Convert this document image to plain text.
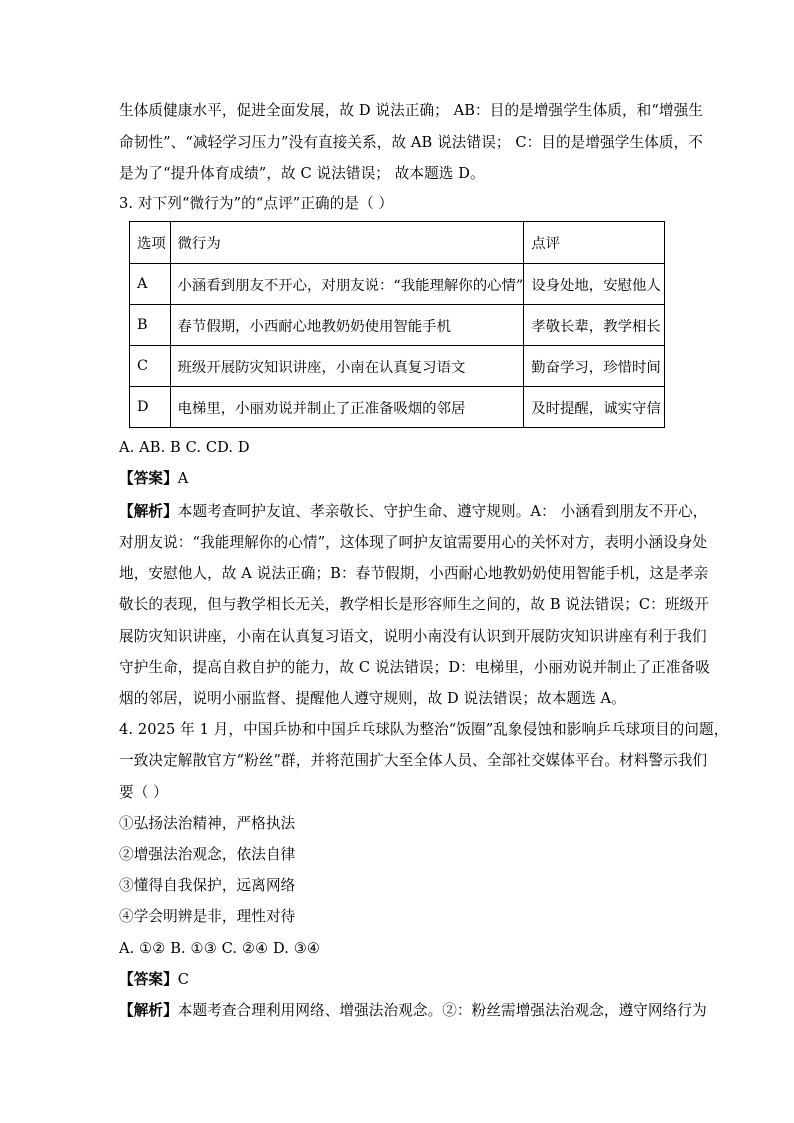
生体质健康水平，促进全面发展，故 D 说法正确； AB：目的是增强学生体质，和“增强生
命韧性”、“减轻学习压力”没有直接关系，故 AB 说法错误； C：目的是增强学生体质，不
是为了“提升体育成绩”，故 C 说法错误； 故本题选 D。
3. 对下列“微行为”的“点评”正确的是（ ）
选项	微行为	点评
A	小涵看到朋友不开心，对朋友说：“我能理解你的心情”	设身处地，安慰他人
B	春节假期，小西耐心地教奶奶使用智能手机	孝敬长辈，教学相长
C	班级开展防灾知识讲座，小南在认真复习语文	勤奋学习，珍惜时间
D	电梯里，小丽劝说并制止了正准备吸烟的邻居	及时提醒，诚实守信
A. AB. B C. CD. D
【答案】A
【解析】本题考查呵护友谊、孝亲敬长、守护生命、遵守规则。A： 小涵看到朋友不开心，
对朋友说：“我能理解你的心情”，这体现了呵护友谊需要用心的关怀对方，表明小涵设身处
地，安慰他人，故 A 说法正确；B：春节假期，小西耐心地教奶奶使用智能手机，这是孝亲
敬长的表现，但与教学相长无关，教学相长是形容师生之间的，故 B 说法错误；C：班级开
展防灾知识讲座，小南在认真复习语文，说明小南没有认识到开展防灾知识讲座有利于我们
守护生命，提高自救自护的能力，故 C 说法错误；D：电梯里，小丽劝说并制止了正准备吸
烟的邻居，说明小丽监督、提醒他人遵守规则，故 D 说法错误；故本题选 A。
4. 2025 年 1 月，中国乒协和中国乒乓球队为整治“饭圈”乱象侵蚀和影响乒乓球项目的问题，
一致决定解散官方“粉丝”群，并将范围扩大至全体人员、全部社交媒体平台。材料警示我们
要（ ）
①弘扬法治精神，严格执法
②增强法治观念，依法自律
③懂得自我保护，远离网络
④学会明辨是非，理性对待
A. ①② B. ①③ C. ②④ D. ③④
【答案】C
【解析】本题考查合理利用网络、增强法治观念。②：粉丝需增强法治观念，遵守网络行为
